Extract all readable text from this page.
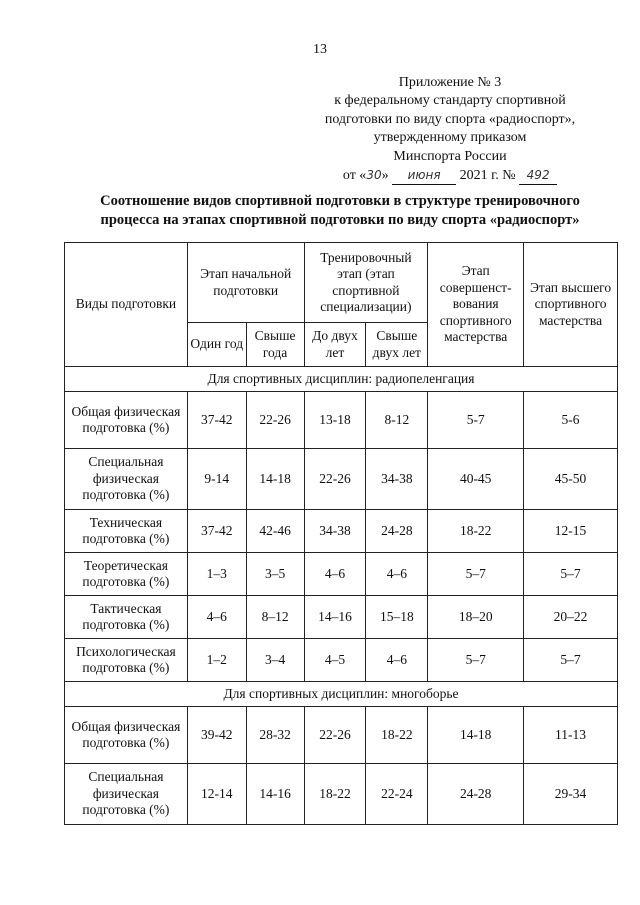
13
Приложение № 3
к федеральному стандарту спортивной
подготовки по виду спорта «радиоспорт»,
утвержденному приказом
Минспорта России
от «30» июня 2021 г. № 492
Соотношение видов спортивной подготовки в структуре тренировочного
процесса на этапах спортивной подготовки по виду спорта «радиоспорт»
Виды подготовки	Этап начальной подготовки		Тренировочный этап (этап спортивной специализации)		Этап совершенст-вования спортивного мастерства	Этап высшего спортивного мастерства
	Один год	Свыше года	До двух лет	Свыше двух лет		
Для спортивных дисциплин: радиопеленгация						
Общая физическая подготовка (%)	37-42	22-26	13-18	8-12	5-7	5-6
Специальная физическая подготовка (%)	9-14	14-18	22-26	34-38	40-45	45-50
Техническая подготовка (%)	37-42	42-46	34-38	24-28	18-22	12-15
Теоретическая подготовка (%)	1–3	3–5	4–6	4–6	5–7	5–7
Тактическая подготовка (%)	4–6	8–12	14–16	15–18	18–20	20–22
Психологическая подготовка (%)	1–2	3–4	4–5	4–6	5–7	5–7
Для спортивных дисциплин: многоборье						
Общая физическая подготовка (%)	39-42	28-32	22-26	18-22	14-18	11-13
Специальная физическая подготовка (%)	12-14	14-16	18-22	22-24	24-28	29-34
